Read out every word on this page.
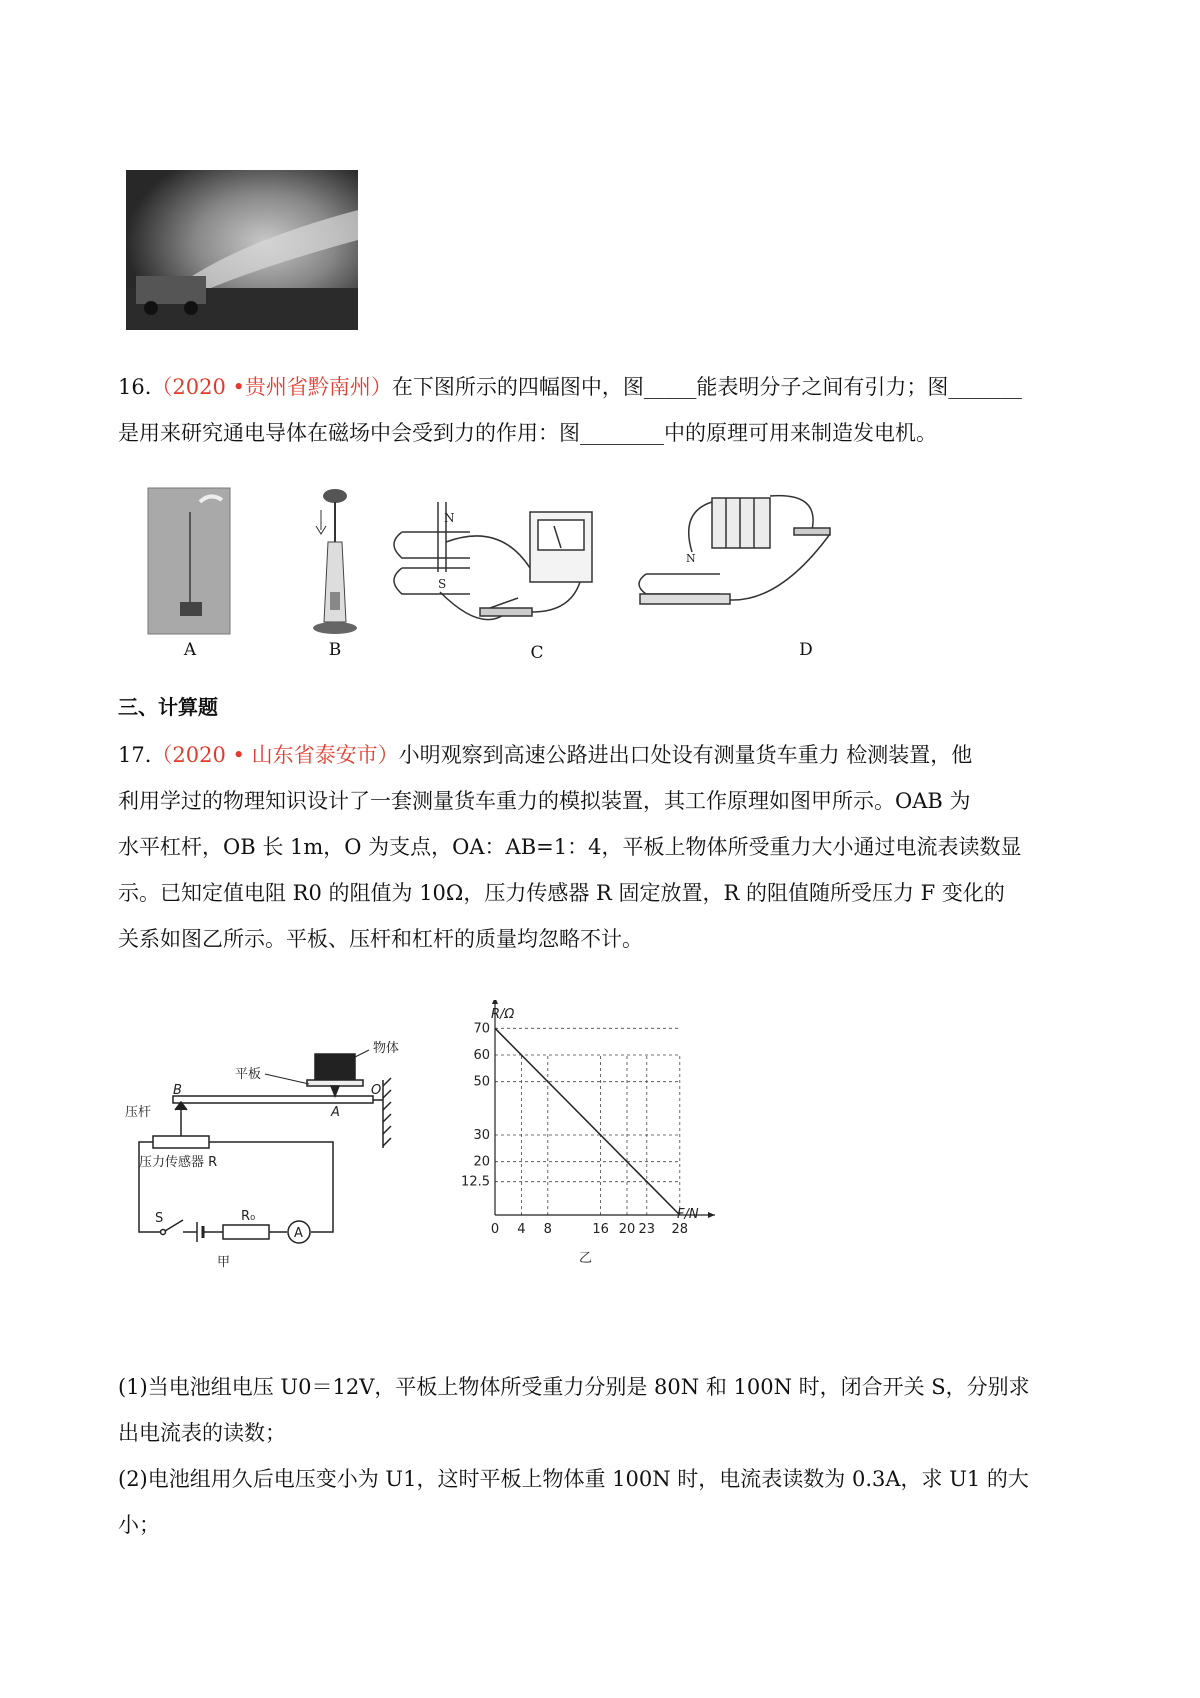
16.（2020 •贵州省黔南州）在下图所示的四幅图中，图_____能表明分子之间有引力；图_______
是用来研究通电导体在磁场中会受到力的作用：图________中的原理可用来制造发电机。
N
S
N
A	B	C	D
三、计算题
17.（2020 • 山东省泰安市）小明观察到高速公路进出口处设有测量货车重力 检测装置，他
利用学过的物理知识设计了一套测量货车重力的模拟装置，其工作原理如图甲所示。OAB 为
水平杠杆，OB 长 1m，O 为支点，OA：AB=1：4，平板上物体所受重力大小通过电流表读数显
示。已知定值电阻 R0 的阻值为 10Ω，压力传感器 R 固定放置，R 的阻值随所受压力 F 变化的
关系如图乙所示。平板、压杆和杠杆的质量均忽略不计。
物体
平板
B
A
O
压杆
压力传感器 R
S	R₀
A
甲
0 4 8	16 20 23 28
70
60
50
30
20
12.5
R/Ω
F/N
乙
(1)当电池组电压 U0＝12V，平板上物体所受重力分别是 80N 和 100N 时，闭合开关 S，分别求
出电流表的读数；
(2)电池组用久后电压变小为 U1，这时平板上物体重 100N 时，电流表读数为 0.3A，求 U1 的大
小；
